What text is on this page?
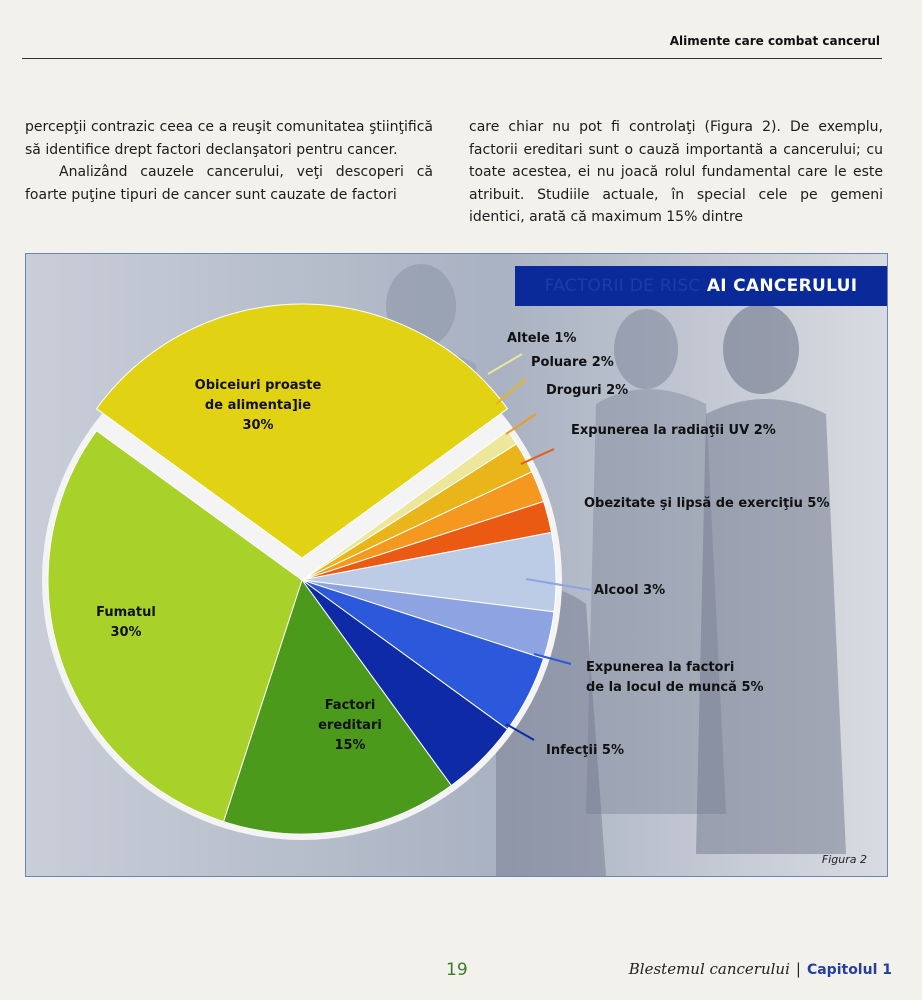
Alimente care combat cancerul

percepţii contrazic ceea ce a reuşit comunitatea ştiinţifică să identifice drept factori declanşatori pentru cancer.

Analizând cauzele cancerului, veţi descoperi că foarte puţine tipuri de cancer sunt cauzate de factori

care chiar nu pot fi controlaţi (Figura 2). De exemplu, factorii ereditari sunt o cauză importantă a cancerului; cu toate acestea, ei nu joacă rolul fundamental care le este atribuit. Studiile actuale, în special cele pe gemeni identici, arată că maximum 15% dintre

Obiceiuri proaste
de alimenta]ie
30%
Altele 1%
Poluare 2%
Droguri 2%
Expunerea la radiaţii UV 2%
Obezitate şi lipsă de exerciţiu 5%
Alcool 3%
Expunerea la factori
de la locul de muncă 5%
Infecţii 5%
Factori
ereditari
15%
Fumatul
30%
FACTORII DE RISC AI CANCERULUI
Figura 2
19	Blestemul cancerului | Capitolul 1
